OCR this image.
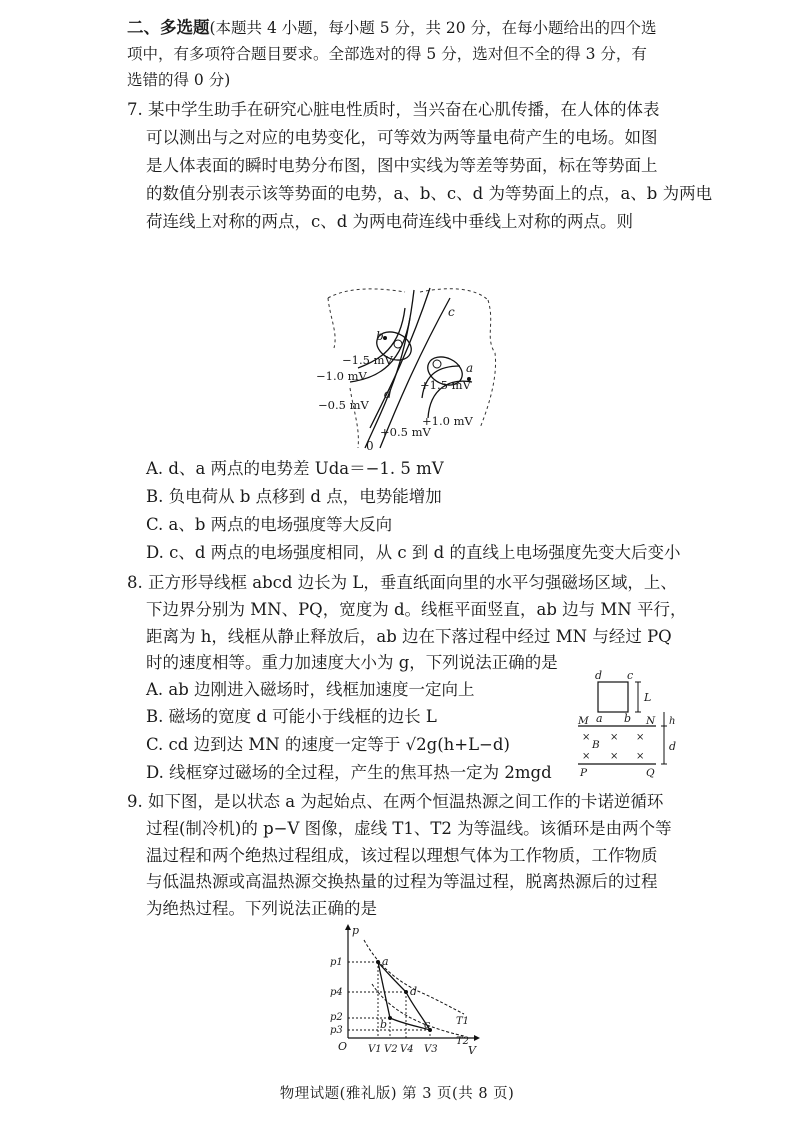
二、多选题(本题共 4 小题，每小题 5 分，共 20 分，在每小题给出的四个选
项中，有多项符合题目要求。全部选对的得 5 分，选对但不全的得 3 分，有
选错的得 0 分)
7. 某中学生助手在研究心脏电性质时，当兴奋在心肌传播，在人体的体表
可以测出与之对应的电势变化，可等效为两等量电荷产生的电场。如图
是人体表面的瞬时电势分布图，图中实线为等差等势面，标在等势面上
的数值分别表示该等势面的电势，a、b、c、d 为等势面上的点，a、b 为两电
荷连线上对称的两点，c、d 为两电荷连线中垂线上对称的两点。则
b
c
a
d
−1.5 mV
−1.0 mV
−0.5 mV
+1.5 mV
+1.0 mV
+0.5 mV
0
A. d、a 两点的电势差 Uda＝−1. 5 mV
B. 负电荷从 b 点移到 d 点，电势能增加
C. a、b 两点的电场强度等大反向
D. c、d 两点的电场强度相同，从 c 到 d 的直线上电场强度先变大后变小
8. 正方形导线框 abcd 边长为 L，垂直纸面向里的水平匀强磁场区域，上、
下边界分别为 MN、PQ，宽度为 d。线框平面竖直，ab 边与 MN 平行，
距离为 h，线框从静止释放后，ab 边在下落过程中经过 MN 与经过 PQ
时的速度相等。重力加速度大小为 g，下列说法正确的是
A. ab 边刚进入磁场时，线框加速度一定向上
B. 磁场的宽度 d 可能小于线框的边长 L
C. cd 边到达 MN 的速度一定等于 √2g(h+L−d)
D. 线框穿过磁场的全过程，产生的焦耳热一定为 2mgd
d c
a b
L
h
d
M	N
P	Q
B
× × ×
× × ×
9. 如下图，是以状态 a 为起始点、在两个恒温热源之间工作的卡诺逆循环
过程(制冷机)的 p−V 图像，虚线 T1、T2 为等温线。该循环是由两个等
温过程和两个绝热过程组成，该过程以理想气体为工作物质，工作物质
与低温热源或高温热源交换热量的过程为等温过程，脱离热源后的过程
为绝热过程。下列说法正确的是
p
V
O
a
d
b	c	T1
T2
p1
p4
p2
p3
V1 V2 V4 V3
物理试题(雅礼版) 第 3 页(共 8 页)
